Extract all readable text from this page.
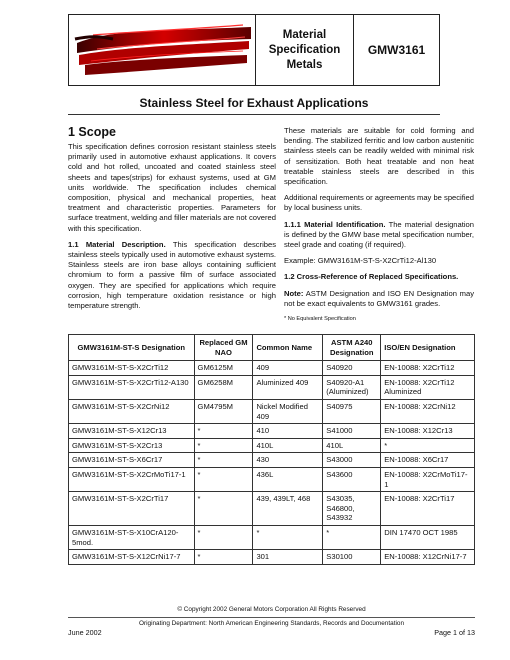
Material
Specification
Metals
GMW3161
Stainless Steel for Exhaust Applications
1 Scope
This specification defines corrosion resistant stainless steels primarily used in automotive exhaust applications. It covers cold and hot rolled, uncoated and coated stainless steel sheets and tapes(strips) for exhaust systems, used at GM units worldwide. The specification includes chemical composition, physical and mechanical properties, heat treatment and characteristic properties. Parameters for surface treatment, welding and filler materials are not covered with this specification.
1.1 Material Description. This specification describes stainless steels typically used in automotive exhaust systems. Stainless steels are iron base alloys containing sufficient chromium to form a passive film of surface associated oxygen. They are specified for applications which require corrosion, high temperature oxidation resistance or high temperature strength.
These materials are suitable for cold forming and bending. The stabilized ferritic and low carbon austenitic stainless steels can be readily welded with minimal risk of sensitization. Both heat treatable and non heat treatable stainless steels are described in this specification.
Additional requirements or agreements may be specified by local business units.
1.1.1 Material Identification. The material designation is defined by the GMW base metal specification number, steel grade and coating (if required).
Example: GMW3161M-ST-S-X2CrTi12-Al130
1.2 Cross-Reference of Replaced Specifications.
Note: ASTM Designation and ISO EN Designation may not be exact equivalents to GMW3161 grades.
* No Equivalent Specification
GMW3161M-ST-S Designation	Replaced GM NAO	Common Name	ASTM A240 Designation	ISO/EN Designation
GMW3161M-ST-S-X2CrTi12	GM6125M	409	S40920	EN-10088: X2CrTi12
GMW3161M-ST-S-X2CrTi12-A130	GM6258M	Aluminized 409	S40920-A1 (Aluminized)	EN-10088: X2CrTi12 Aluminized
GMW3161M-ST-S-X2CrNi12	GM4795M	Nickel Modified 409	S40975	EN-10088: X2CrNi12
GMW3161M-ST-S-X12Cr13	*	410	S41000	EN-10088: X12Cr13
GMW3161M-ST-S-X2Cr13	*	410L	410L	*
GMW3161M-ST-S-X6Cr17	*	430	S43000	EN-10088: X6Cr17
GMW3161M-ST-S-X2CrMoTi17-1	*	436L	S43600	EN-10088: X2CrMoTi17-1
GMW3161M-ST-S-X2CrTi17	*	439, 439LT, 468	S43035, S46800, S43932	EN-10088: X2CrTi17
GMW3161M-ST-S-X10CrA120-5mod.	*	*	*	DIN 17470 OCT 1985
GMW3161M-ST-S-X12CrNi17-7	*	301	S30100	EN-10088: X12CrNi17-7
© Copyright 2002 General Motors Corporation All Rights Reserved
Originating Department: North American Engineering Standards, Records and Documentation
June 2002	Page 1 of 13
